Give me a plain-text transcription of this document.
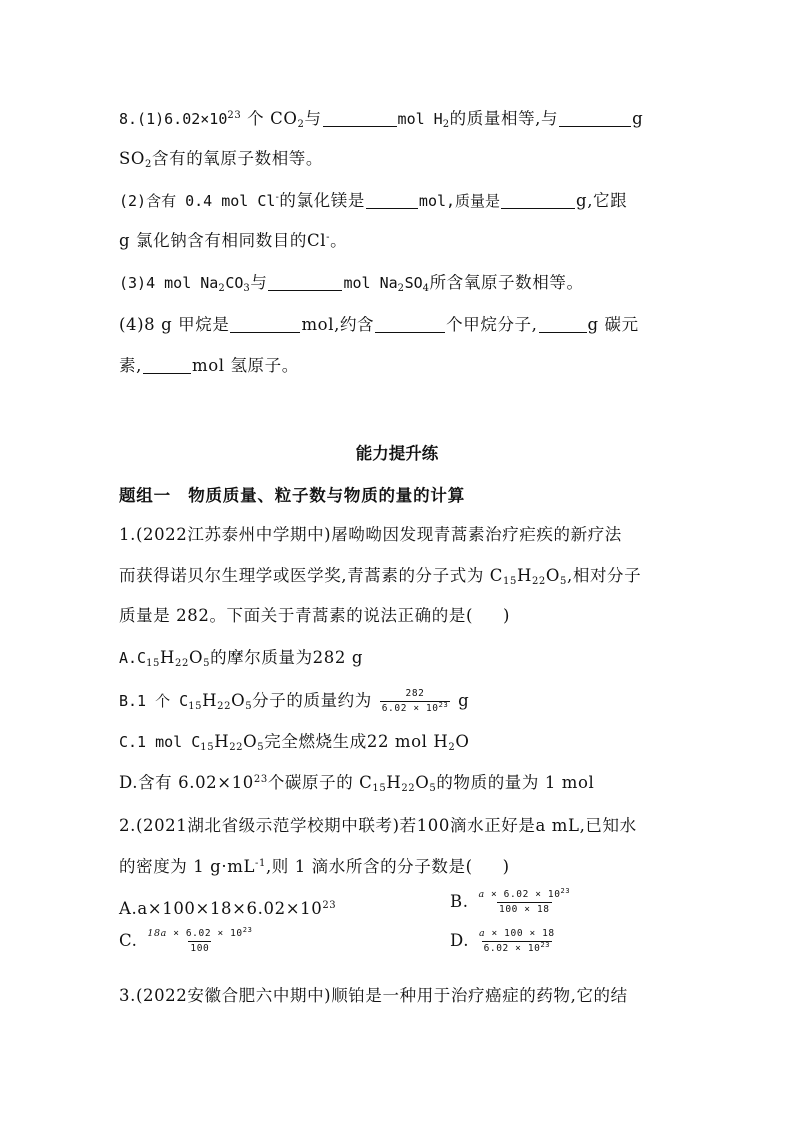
$8.(1)6.02\times 10^{23}$ 个 $CO_2$与	mol $H_2$的质量相等,与	g
$SO_2$含有的氧原子数相等。
(2)含有 0.4 mol Cl-的氯化镁是	mol,质量是	g,它跟
g 氯化钠含有相同数目的Cl-。
(3)4 mol $Na_2CO_3$与	mol $Na_2SO_4$所含氧原子数相等。
(4)8 g 甲烷是	mol,约含	个甲烷分子,	g 碳元
素,	mol 氢原子。
能力提升练
题组一　物质质量、粒子数与物质的量的计算
1.(2022江苏泰州中学期中)屠呦呦因发现青蒿素治疗疟疾的新疗法
而获得诺贝尔生理学或医学奖,青蒿素的分子式为 $C_{15}H_{22}O_5$,相对分子
质量是 282。下面关于青蒿素的说法正确的是( )
$A.C_{15}H_{22}O_5$的摩尔质量为282 g
B.1 个 $C_{15}H_{22}O_5$分子的质量约为 $\frac{282}{6.02 \times 10^{23}}$ g
C.1 mol $C_{15}H_{22}O_5$完全燃烧生成22 mol $H_2O$
D.含有 $6.02\times 10^{23}$个碳原子的 $C_{15}H_{22}O_5$的物质的量为 1 mol
2.(2021湖北省级示范学校期中联考)若100滴水正好是a mL,已知水
的密度为 1 $g\cdot mL^{-1}$,则 1 滴水所含的分子数是( )
$A.a\times 100\times 18\times 6.02\times 10^{23}$	B. $\frac{a \times 6.02 \times 10^{23}}{100 \times 18}$
C. $\frac{18a \times 6.02 \times 10^{23}}{100}$	D. $\frac{a \times 100 \times 18}{6.02 \times 10^{23}}$
3.(2022安徽合肥六中期中)顺铂是一种用于治疗癌症的药物,它的结
